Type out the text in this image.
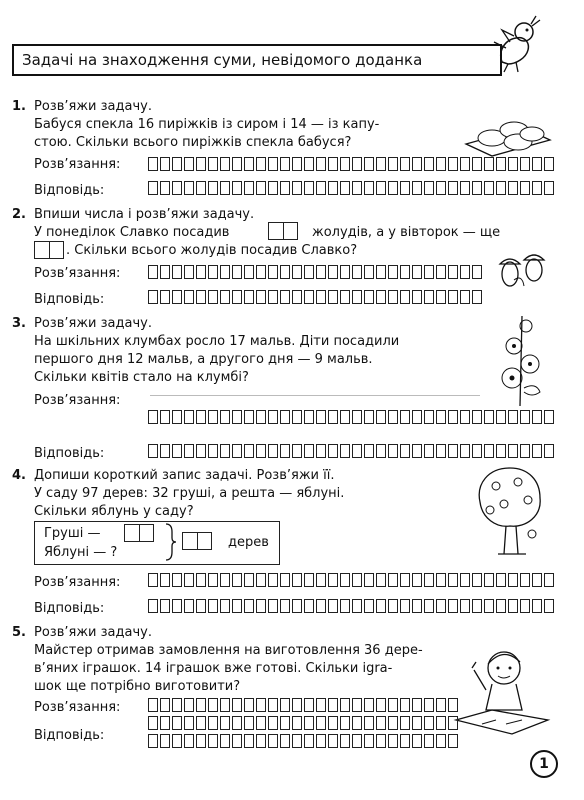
Задачі на знаходження суми, невідомого доданка
1. Розв’яжи задачу.
Бабуся спекла 16 пиріжків із сиром і 14 — із капу-
стою. Скільки всього пиріжків спекла бабуся?
Розв’язання:
Відповідь:
2. Впиши числа і розв’яжи задачу.
У понеділок Славко посадив	жолудів, а у вівторок — ще
. Скільки всього жолудів посадив Славко?
Розв’язання:
Відповідь:
3. Розв’яжи задачу.
На шкільних клумбах росло 17 мальв. Діти посадили
першого дня 12 мальв, а другого дня — 9 мальв.
Скільки квітів стало на клумбі?
Розв’язання:
Відповідь:
4. Допиши короткий запис задачі. Розв’яжи її.
У саду 97 дерев: 32 груші, а решта — яблуні.
Скільки яблунь у саду?
Груші —
Яблуні — ?
дерев
Розв’язання:
Відповідь:
5. Розв’яжи задачу.
Майстер отримав замовлення на виготовлення 36 дере-
в’яних іграшок. 14 іграшок вже готові. Скільки igra-
шок ще потрібно виготовити?
Розв’язання:
Відповідь:
1
